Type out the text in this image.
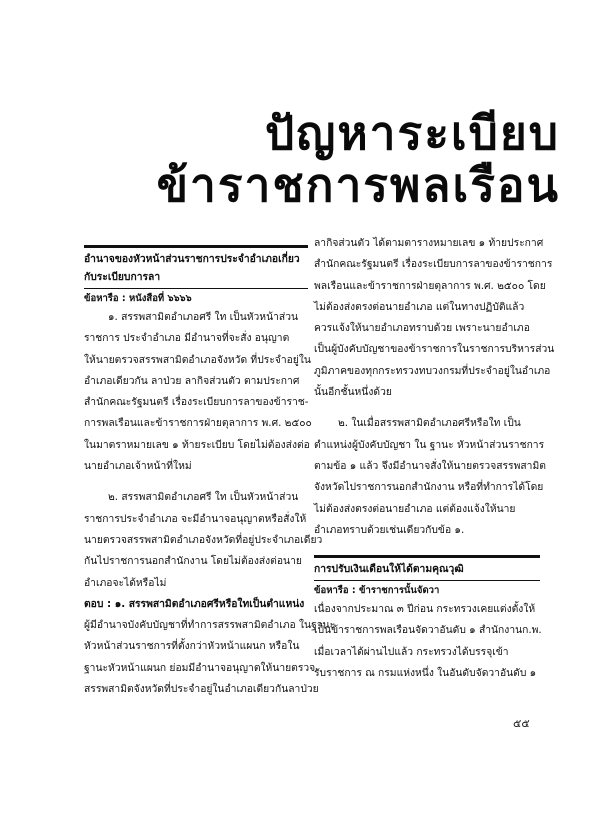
ปัญหาระเบียบ
ข้าราชการพลเรือน
อำนาจของหัวหน้าส่วนราชการประจำอำเภอเกี่ยว
กับระเบียบการลา
ข้อหารือ : หนังสือที่ ๖๖๖๖
๑. สรรพสามิตอำเภอศรี ใท เป็นหัวหน้าส่วน
ราชการ ประจำอำเภอ มีอำนาจที่จะสั่ง อนุญาต
ให้นายตรวจสรรพสามิตอำเภอจังหวัด ที่ประจำอยู่ใน
อำเภอเดียวกัน ลาป่วย ลากิจส่วนตัว ตามประกาศ
สำนักคณะรัฐมนตรี เรื่องระเบียบการลาของข้าราช-
การพลเรือนและข้าราชการฝ่ายตุลาการ พ.ศ. ๒๕๐๐
ในมาตราหมายเลข ๑ ท้ายระเบียบ โดยไม่ต้องส่งต่อ
นายอำเภอเจ้าหน้าที่ใหม่
๒. สรรพสามิตอำเภอศรี ใท เป็นหัวหน้าส่วน
ราชการประจำอำเภอ จะมีอำนาจอนุญาตหรือสั่งให้
นายตรวจสรรพสามิตอำเภอจังหวัดที่อยู่ประจำเภอเดียว
กันไปราชการนอกสำนักงาน โดยไม่ต้องส่งต่อนาย
อำเภอจะได้หรือไม่
ตอบ : ๑. สรรพสามิตอำเภอศรีหรือใทเป็นตำแหน่ง
ผู้มีอำนาจบังคับบัญชาที่ทำการสรรพสามิตอำเภอ ในฐานะ
หัวหน้าส่วนราชการที่ตั้งกว่าหัวหน้าแผนก หรือใน
ฐานะหัวหน้าแผนก ย่อมมีอำนาจอนุญาตให้นายตรวจ
สรรพสามิตจังหวัดที่ประจำอยู่ในอำเภอเดียวกันลาป่วย
ลากิจส่วนตัว ได้ตามตารางหมายเลข ๑ ท้ายประกาศ
สำนักคณะรัฐมนตรี เรื่องระเบียบการลาของข้าราชการ
พลเรือนและข้าราชการฝ่ายตุลาการ พ.ศ. ๒๕๐๐ โดย
ไม่ต้องส่งตรงต่อนายอำเภอ แต่ในทางปฏิบัติแล้ว
ควรแจ้งให้นายอำเภอทราบด้วย เพราะนายอำเภอ
เป็นผู้บังคับบัญชาของข้าราชการในราชการบริหารส่วน
ภูมิภาคของทุกกระทรวงทบวงกรมที่ประจำอยู่ในอำเภอ
นั้นอีกชั้นหนึ่งด้วย
๒. ในเมื่อสรรพสามิตอำเภอศรีหรือใท เป็น
ตำแหน่งผู้บังคับบัญชา ใน ฐานะ หัวหน้าส่วนราชการ
ตามข้อ ๑ แล้ว จึงมีอำนาจสั่งให้นายตรวจสรรพสามิต
จังหวัดไปราชการนอกสำนักงาน หรือที่ทำการได้โดย
ไม่ต้องส่งตรงต่อนายอำเภอ แต่ต้องแจ้งให้นาย
อำเภอทราบด้วยเช่นเดียวกับข้อ ๑.
การปรับเงินเดือนให้ได้ตามคุณวุฒิ
ข้อหารือ : ข้าราชการนั้นจัดวา
เนื่องจากประมาณ ๓ ปีก่อน กระทรวงเคยแต่งตั้งให้
เป็นข้าราชการพลเรือนจัดวาอันดับ ๑ สำนักงานก.พ.
เมื่อเวลาได้ผ่านไปแล้ว กระทรวงได้บรรจุเข้า
รับราชการ ณ กรมแห่งหนึ่ง ในอันดับจัดวาอันดับ ๑
๕๕
